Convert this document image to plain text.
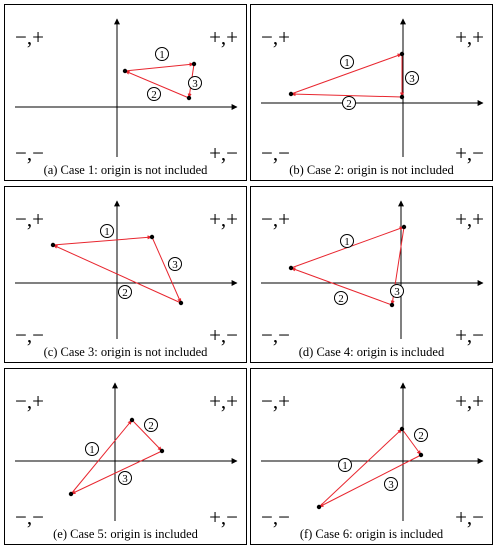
1
2
3
−,+	+,+
−,−	+,−
(a) Case 1: origin is not included
1
2
3
−,+	+,+
−,−	+,−
(b) Case 2: origin is not included
1
2
3
−,+	+,+
−,−	+,−
(c) Case 3: origin is not included
1
2
3
−,+	+,+
−,−	+,−
(d) Case 4: origin is included
1
2
3
−,+	+,+
−,−	+,−
(e) Case 5: origin is included
1
2
3
−,+	+,+
−,−	+,−
(f) Case 6: origin is included
